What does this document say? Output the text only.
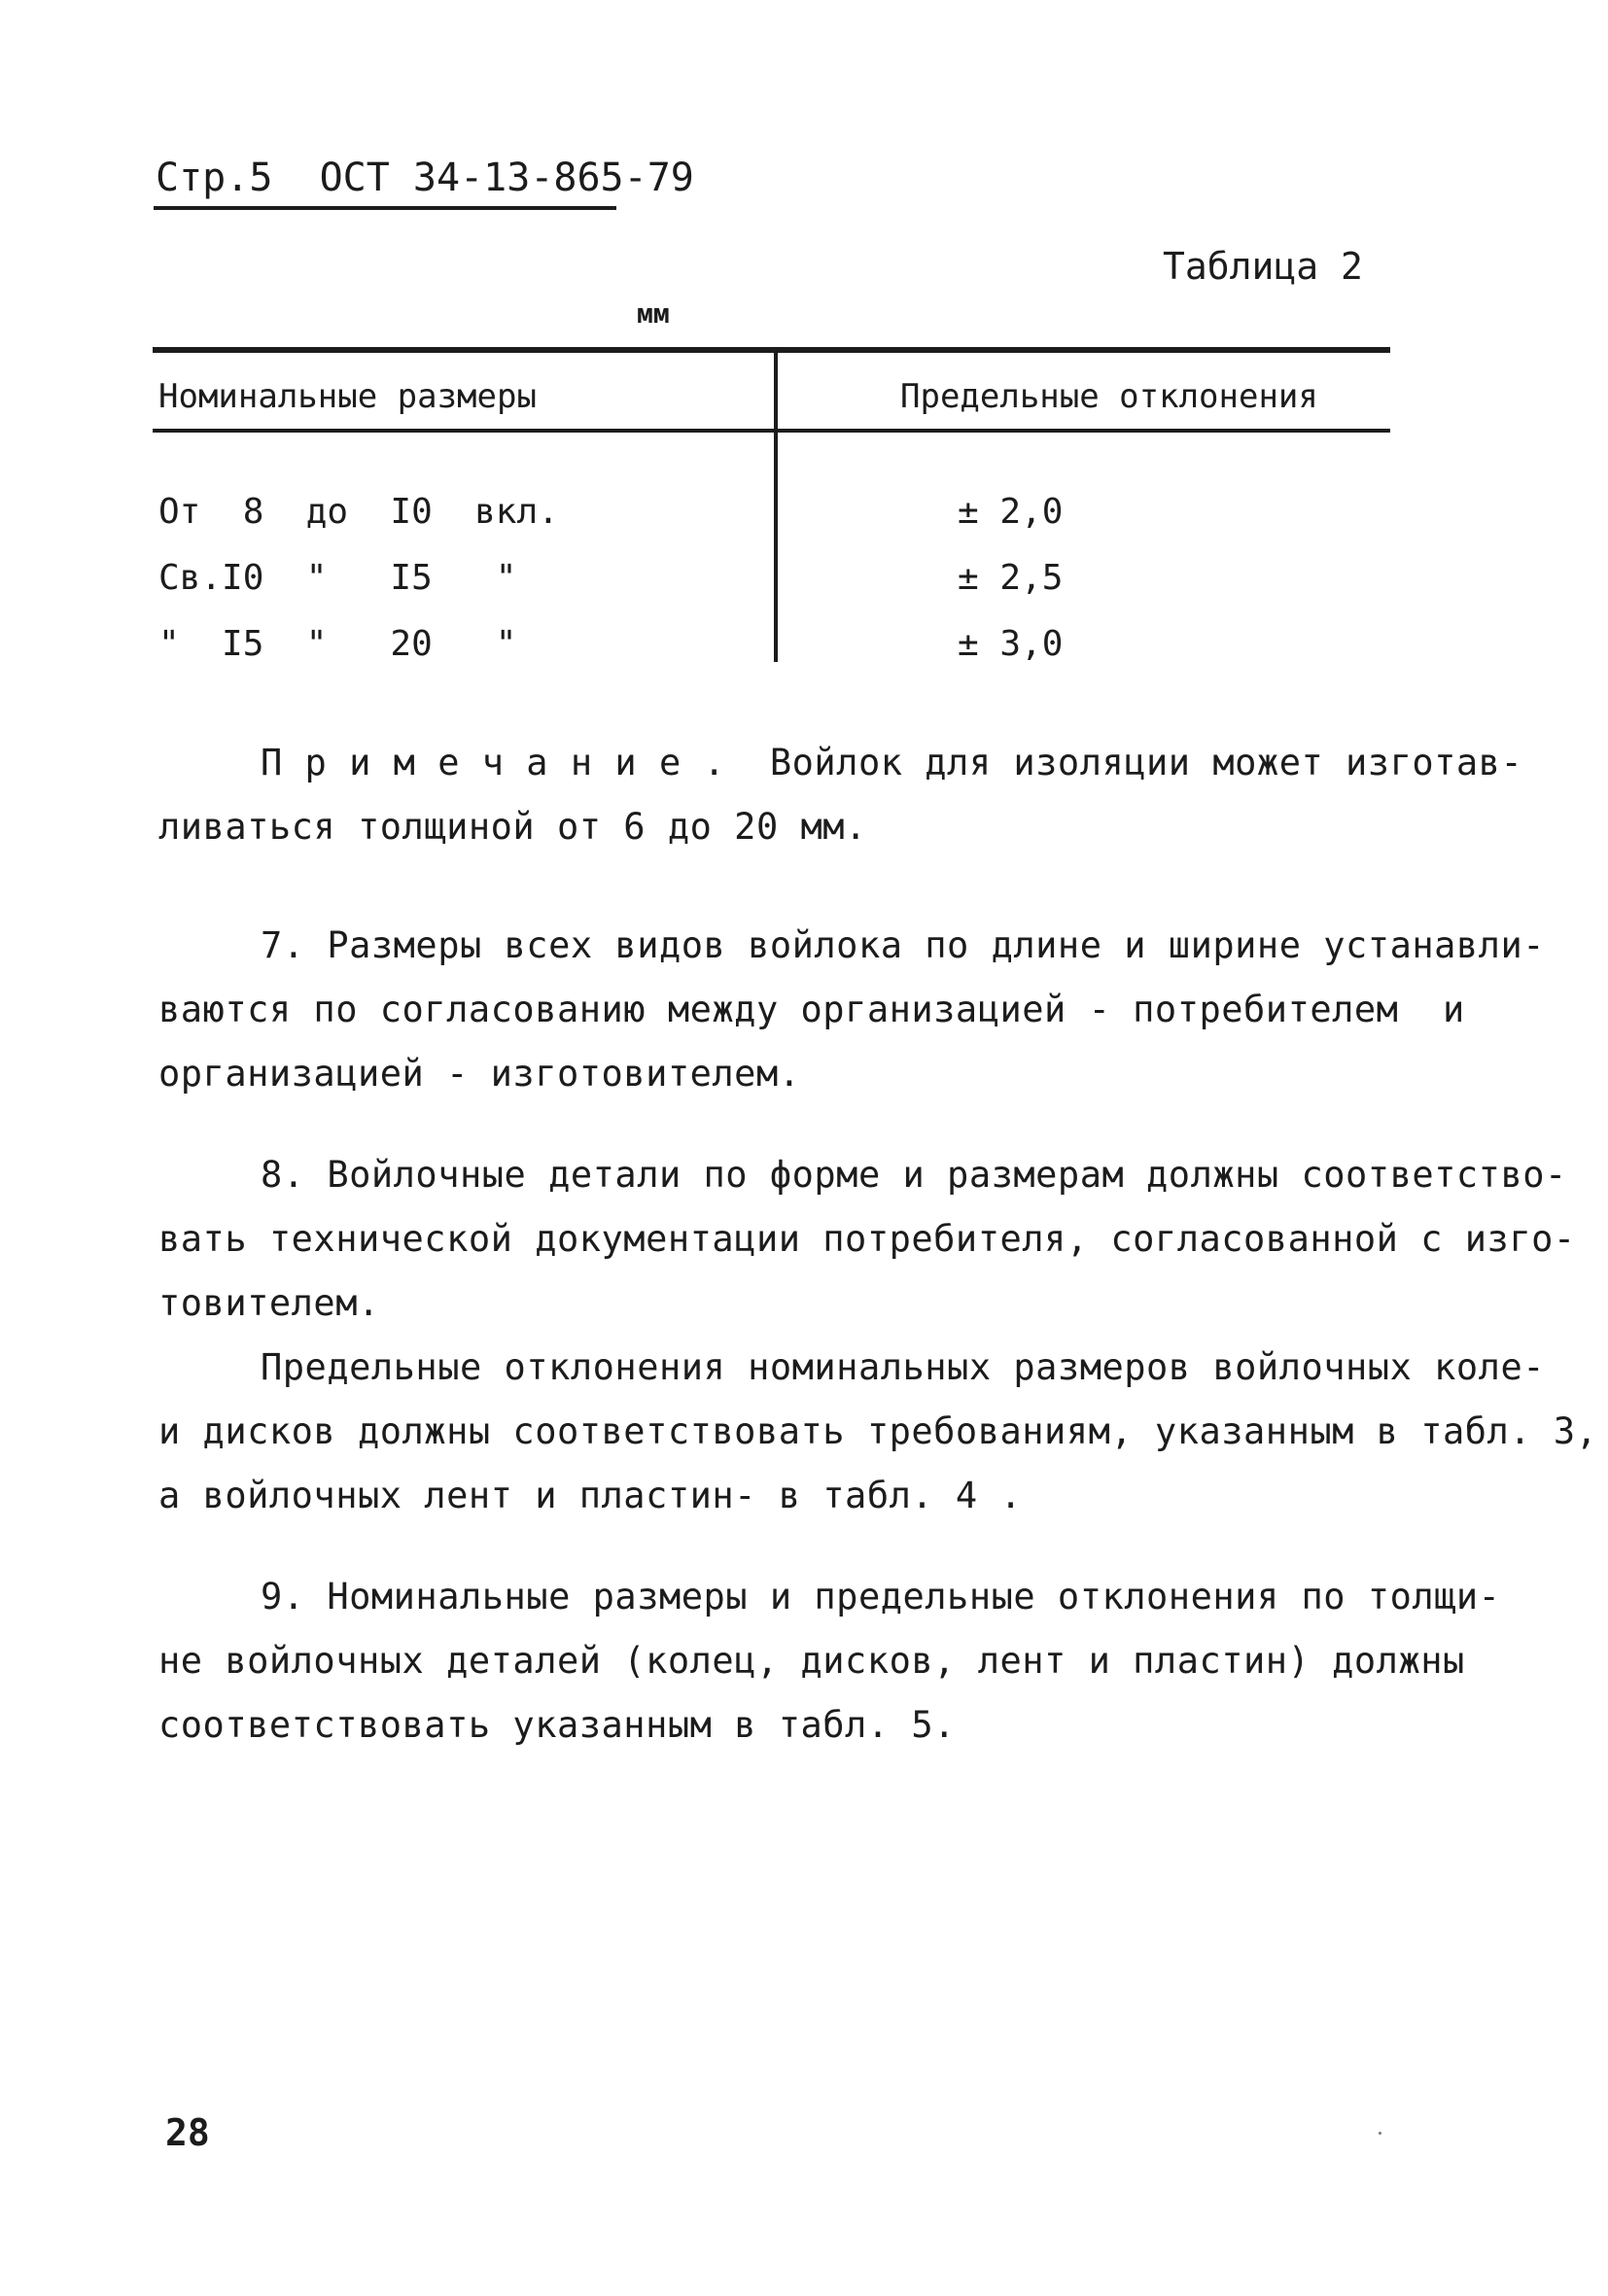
Стр.5  ОСТ 34-13-865-79
Таблица 2
мм
Номинальные размеры	Предельные отклонения
От  8  до  I0  вкл.	± 2,0
Св.I0  "   I5   "	± 2,5
"  I5  "   20   "	± 3,0
П р и м е ч а н и е .  Войлок для изоляции может изготав-
ливаться толщиной от 6 до 20 мм.
7. Размеры всех видов войлока по длине и ширине устанавли-
ваются по согласованию между организацией - потребителем  и
организацией - изготовителем.
8. Войлочные детали по форме и размерам должны соответство-
вать технической документации потребителя, согласованной с изго-
товителем.
Предельные отклонения номинальных размеров войлочных коле-
и дисков должны соответствовать требованиям, указанным в табл. 3,
а войлочных лент и пластин- в табл. 4 .
9. Номинальные размеры и предельные отклонения по толщи-
не войлочных деталей (колец, дисков, лент и пластин) должны
соответствовать указанным в табл. 5.
28
